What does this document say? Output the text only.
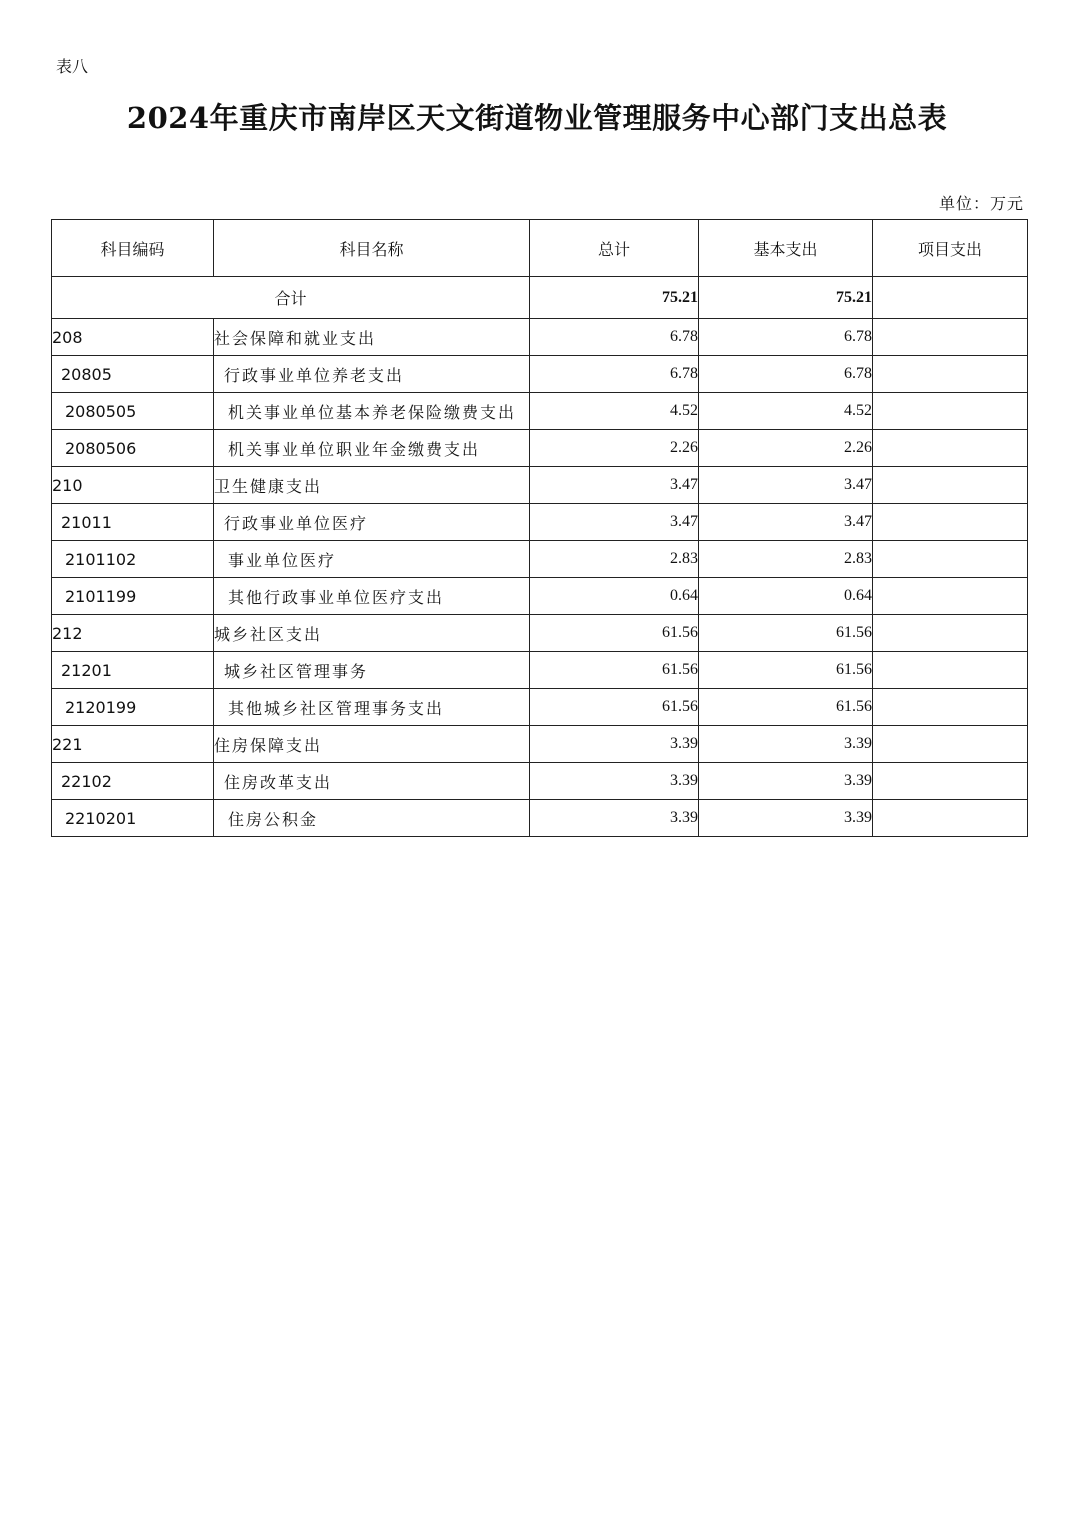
表八
2024年重庆市南岸区天文街道物业管理服务中心部门支出总表
单位：万元
科目编码	科目名称	总计	基本支出	项目支出
合计		75.21	75.21	
208	社会保障和就业支出	6.78	6.78	
20805	行政事业单位养老支出	6.78	6.78	
2080505	机关事业单位基本养老保险缴费支出	4.52	4.52	
2080506	机关事业单位职业年金缴费支出	2.26	2.26	
210	卫生健康支出	3.47	3.47	
21011	行政事业单位医疗	3.47	3.47	
2101102	事业单位医疗	2.83	2.83	
2101199	其他行政事业单位医疗支出	0.64	0.64	
212	城乡社区支出	61.56	61.56	
21201	城乡社区管理事务	61.56	61.56	
2120199	其他城乡社区管理事务支出	61.56	61.56	
221	住房保障支出	3.39	3.39	
22102	住房改革支出	3.39	3.39	
2210201	住房公积金	3.39	3.39	
